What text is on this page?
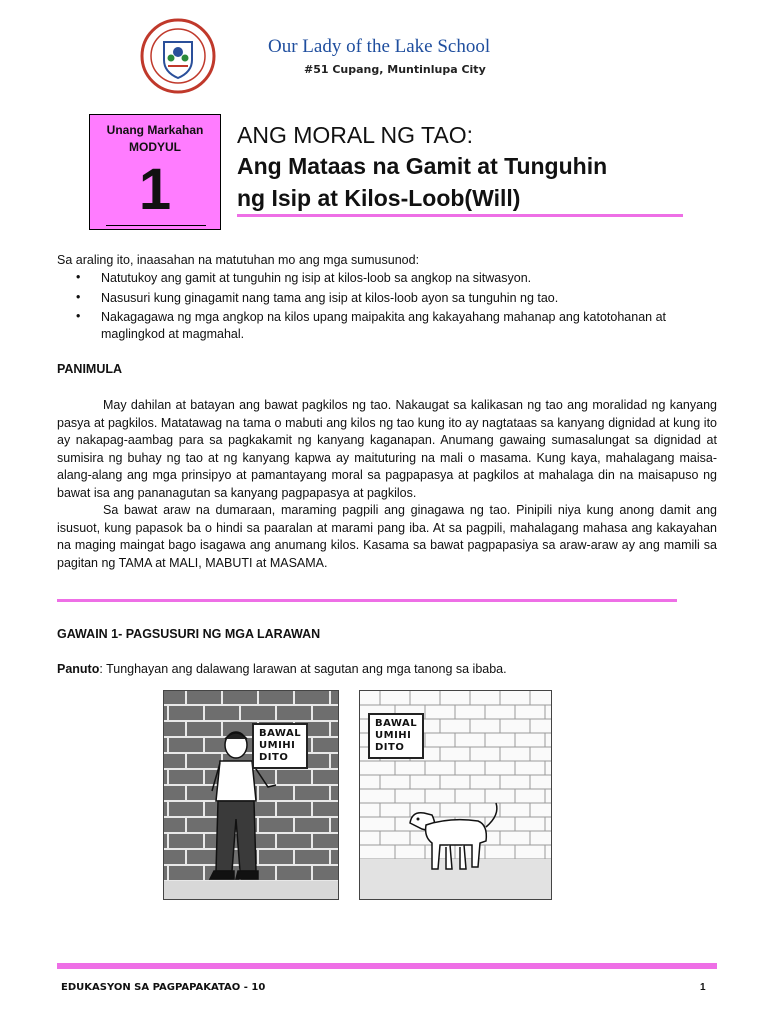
Our Lady of the Lake School
#51 Cupang, Muntinlupa City
Unang Markahan
MODYUL
1
ANG MORAL NG TAO:
Ang Mataas na Gamit at Tunguhin
ng Isip at Kilos-Loob(Will)
Sa araling ito, inaasahan na matutuhan mo ang mga sumusunod:
• Natutukoy ang gamit at tunguhin ng isip at kilos-loob sa angkop na sitwasyon.
• Nasusuri kung ginagamit nang tama ang isip at kilos-loob ayon sa tunguhin ng tao.
• Nakagagawa ng mga angkop na kilos upang maipakita ang kakayahang mahanap ang katotohanan at maglingkod at magmahal.
PANIMULA

May dahilan at batayan ang bawat pagkilos ng tao. Nakaugat sa kalikasan ng tao ang moralidad ng kanyang pasya at pagkilos. Matatawag na tama o mabuti ang kilos ng tao kung ito ay nagtataas sa kanyang dignidad at kung ito ay nakapag-aambag para sa pagkakamit ng kanyang kaganapan. Anumang gawaing sumasalungat sa dignidad at sumisira ng buhay ng tao at ng kanyang kapwa ay maituturing na mali o masama. Kung kaya, mahalagang maisa-alang-alang ang mga prinsipyo at pamantayang moral sa pagpapasya at pagkilos at mahalaga din na maisapuso ng bawat isa ang pananagutan sa kanyang pagpapasya at pagkilos.

Sa bawat araw na dumaraan, maraming pagpili ang ginagawa ng tao. Pinipili niya kung anong damit ang isusuot, kung papasok ba o hindi sa paaralan at marami pang iba. At sa pagpili, mahalagang mahasa ang kakayahan na maging maingat bago isagawa ang anumang kilos. Kasama sa bawat pagpapasiya sa araw-araw ay ang mamili sa pagitan ng TAMA at MALI, MABUTI at MASAMA.

GAWAIN 1- PAGSUSURI NG MGA LARAWAN
Panuto: Tunghayan ang dalawang larawan at sagutan ang mga tanong sa ibaba.
BAWAL
UMIHI
DITO
BAWAL
UMIHI
DITO
EDUKASYON SA PAGPAPAKATAO - 10	1
